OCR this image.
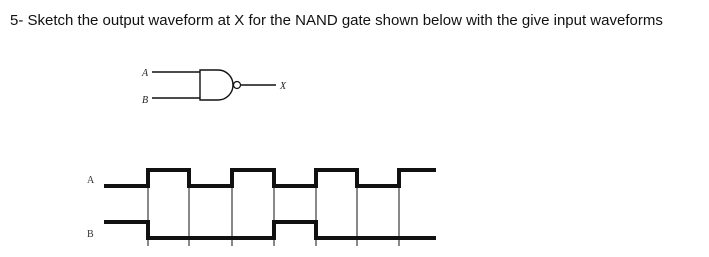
5- Sketch the output waveform at X for the NAND gate shown below with the give input waveforms
A
B
X
A
B
